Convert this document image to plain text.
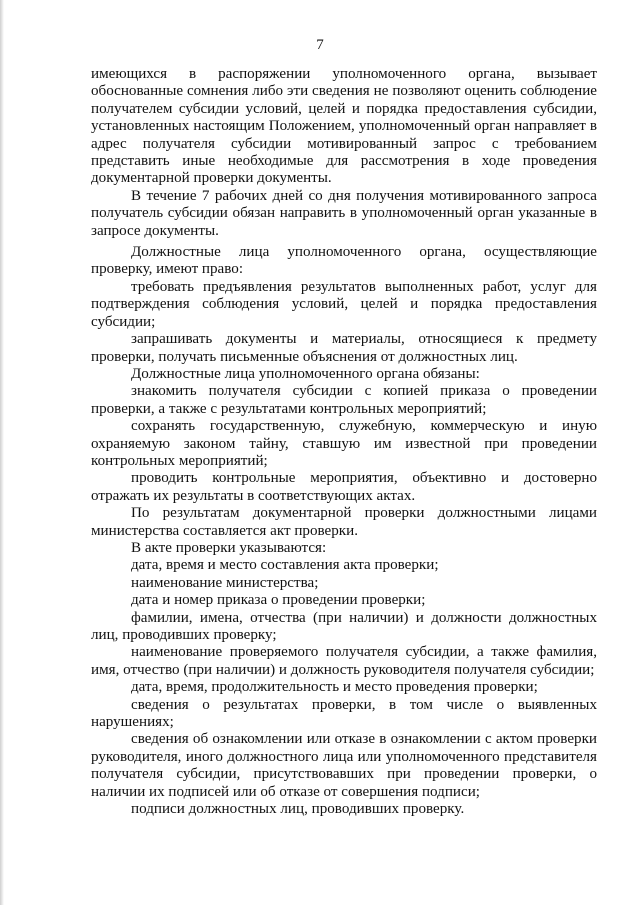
7

имеющихся в распоряжении уполномоченного органа, вызывает обоснованные сомнения либо эти сведения не позволяют оценить соблюдение получателем субсидии условий, целей и порядка предоставления субсидии, установленных настоящим Положением, уполномоченный орган направляет в адрес получателя субсидии мотивированный запрос с требованием представить иные необходимые для рассмотрения в ходе проведения документарной проверки документы.

В течение 7 рабочих дней со дня получения мотивированного запроса получатель субсидии обязан направить в уполномоченный орган указанные в запросе документы.

Должностные лица уполномоченного органа, осуществляющие проверку, имеют право:

требовать предъявления результатов выполненных работ, услуг для подтверждения соблюдения условий, целей и порядка предоставления субсидии;

запрашивать документы и материалы, относящиеся к предмету проверки, получать письменные объяснения от должностных лиц.

Должностные лица уполномоченного органа обязаны:

знакомить получателя субсидии с копией приказа о проведении проверки, а также с результатами контрольных мероприятий;

сохранять государственную, служебную, коммерческую и иную охраняемую законом тайну, ставшую им известной при проведении контрольных мероприятий;

проводить контрольные мероприятия, объективно и достоверно отражать их результаты в соответствующих актах.

По результатам документарной проверки должностными лицами министерства составляется акт проверки.

В акте проверки указываются:

дата, время и место составления акта проверки;

наименование министерства;

дата и номер приказа о проведении проверки;

фамилии, имена, отчества (при наличии) и должности должностных лиц, проводивших проверку;

наименование проверяемого получателя субсидии, а также фамилия, имя, отчество (при наличии) и должность руководителя получателя субсидии;

дата, время, продолжительность и место проведения проверки;

сведения о результатах проверки, в том числе о выявленных нарушениях;

сведения об ознакомлении или отказе в ознакомлении с актом проверки руководителя, иного должностного лица или уполномоченного представителя получателя субсидии, присутствовавших при проведении проверки, о наличии их подписей или об отказе от совершения подписи;

подписи должностных лиц, проводивших проверку.
